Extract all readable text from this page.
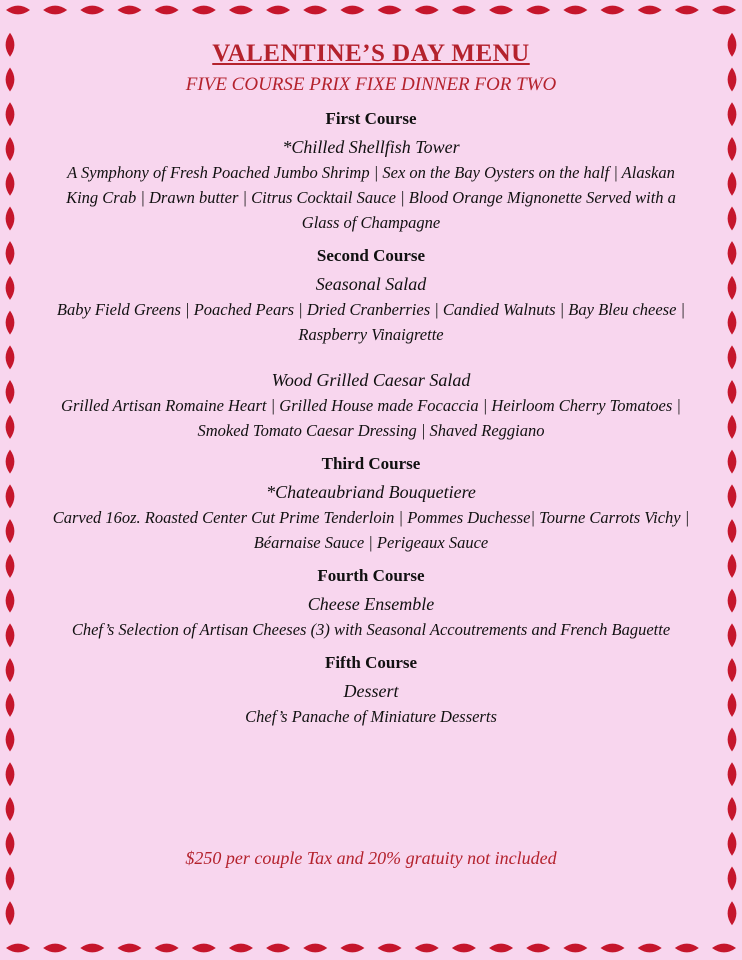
VALENTINE’S DAY MENU

FIVE COURSE PRIX FIXE DINNER FOR TWO

First Course

*Chilled Shellfish Tower

A Symphony of Fresh Poached Jumbo Shrimp | Sex on the Bay Oysters on the half | Alaskan King Crab | Drawn butter | Citrus Cocktail Sauce | Blood Orange Mignonette Served with a Glass of Champagne

Second Course

Seasonal Salad

Baby Field Greens | Poached Pears | Dried Cranberries | Candied Walnuts | Bay Bleu cheese | Raspberry Vinaigrette

Wood Grilled Caesar Salad

Grilled Artisan Romaine Heart | Grilled House made Focaccia | Heirloom Cherry Tomatoes | Smoked Tomato Caesar Dressing | Shaved Reggiano

Third Course

*Chateaubriand Bouquetiere

Carved 16oz. Roasted Center Cut Prime Tenderloin | Pommes Duchesse| Tourne Carrots Vichy | Béarnaise Sauce | Perigeaux Sauce

Fourth Course

Cheese Ensemble

Chef’s Selection of Artisan Cheeses (3) with Seasonal Accoutrements and French Baguette

Fifth Course

Dessert

Chef’s Panache of Miniature Desserts

$250 per couple Tax and 20% gratuity not included
